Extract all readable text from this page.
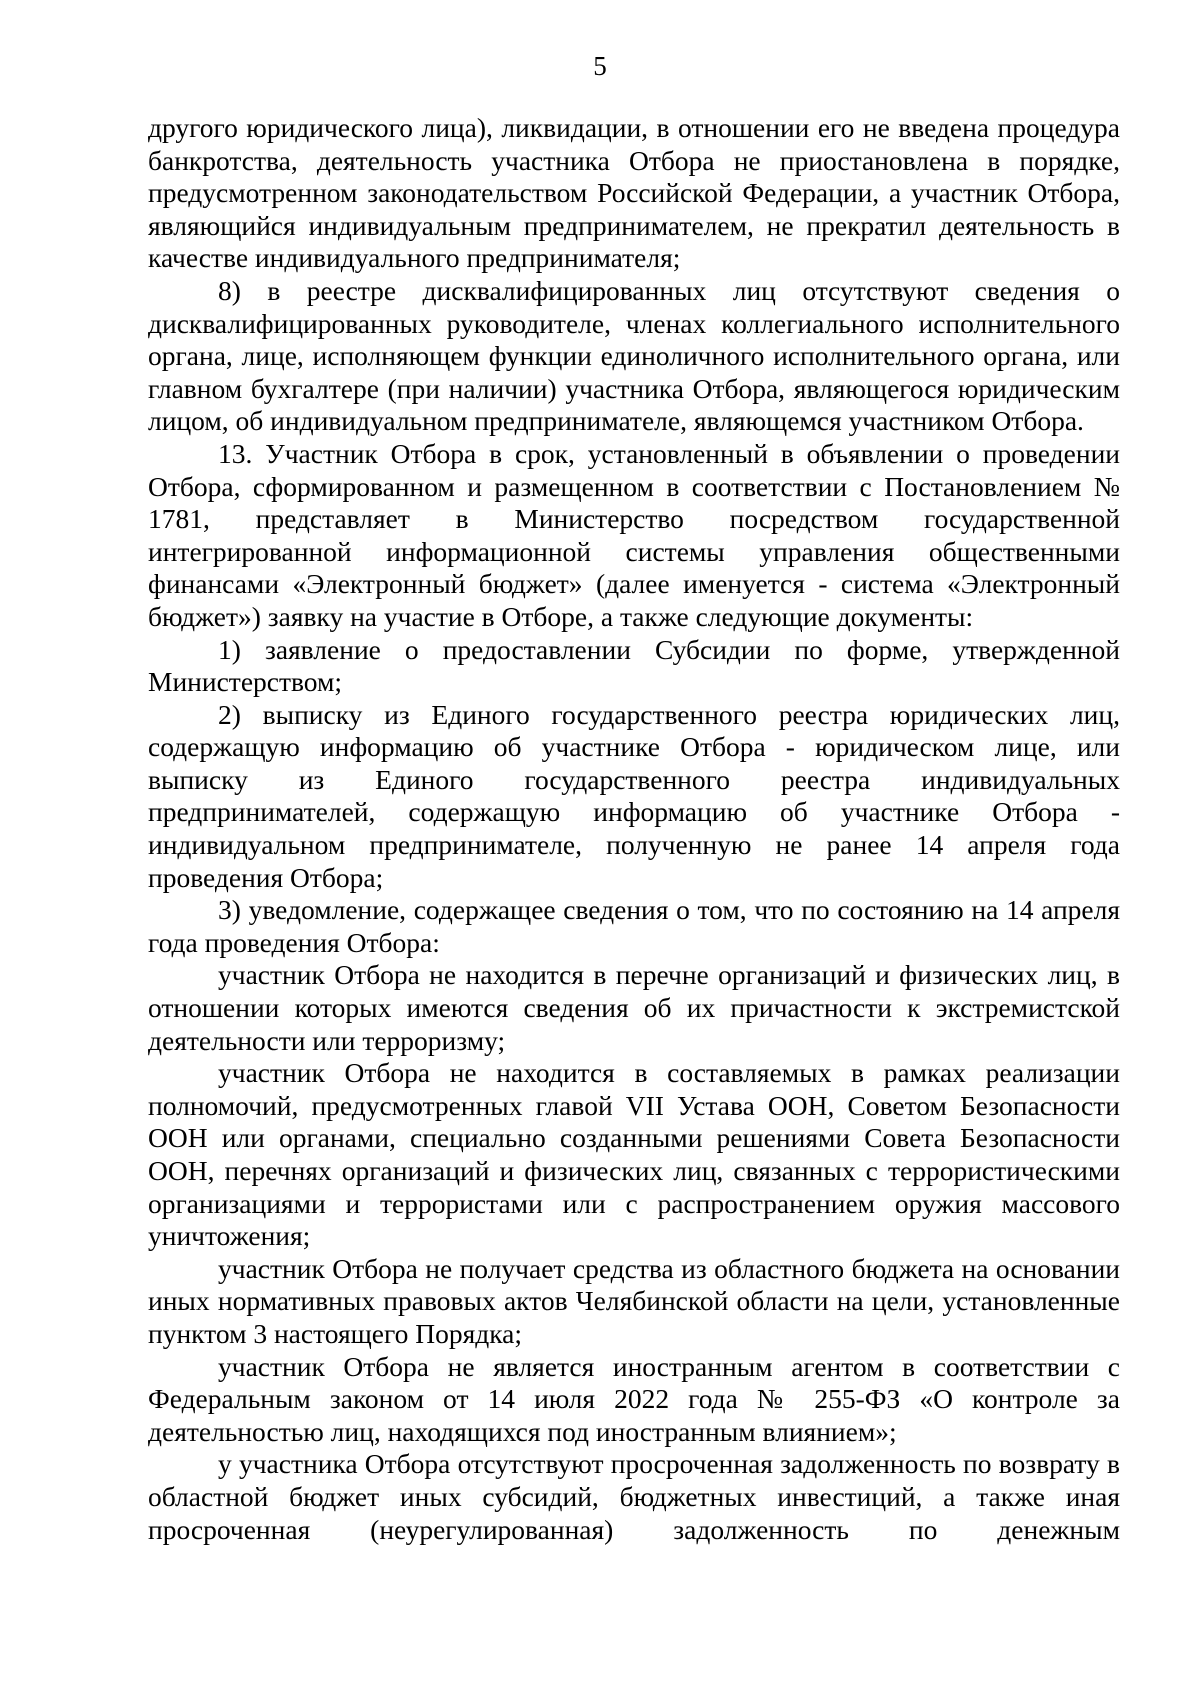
5

другого юридического лица), ликвидации, в отношении его не введена процедура банкротства, деятельность участника Отбора не приостановлена в порядке, предусмотренном законодательством Российской Федерации, а участник Отбора, являющийся индивидуальным предпринимателем, не прекратил деятельность в качестве индивидуального предпринимателя;

8) в реестре дисквалифицированных лиц отсутствуют сведения о дисквалифицированных руководителе, членах коллегиального исполнительного органа, лице, исполняющем функции единоличного исполнительного органа, или главном бухгалтере (при наличии) участника Отбора, являющегося юридическим лицом, об индивидуальном предпринимателе, являющемся участником Отбора.

13. Участник Отбора в срок, установленный в объявлении о проведении Отбора, сформированном и размещенном в соответствии с Постановлением № 1781, представляет в Министерство посредством государственной интегрированной информационной системы управления общественными финансами «Электронный бюджет» (далее именуется - система «Электронный бюджет») заявку на участие в Отборе, а также следующие документы:

1) заявление о предоставлении Субсидии по форме, утвержденной Министерством;

2) выписку из Единого государственного реестра юридических лиц, содержащую информацию об участнике Отбора - юридическом лице, или выписку из Единого государственного реестра индивидуальных предпринимателей, содержащую информацию об участнике Отбора - индивидуальном предпринимателе, полученную не ранее 14 апреля года проведения Отбора;

3) уведомление, содержащее сведения о том, что по состоянию на 14 апреля года проведения Отбора:

участник Отбора не находится в перечне организаций и физических лиц, в отношении которых имеются сведения об их причастности к экстремистской деятельности или терроризму;

участник Отбора не находится в составляемых в рамках реализации полномочий, предусмотренных главой VII Устава ООН, Советом Безопасности ООН или органами, специально созданными решениями Совета Безопасности ООН, перечнях организаций и физических лиц, связанных с террористическими организациями и террористами или с распространением оружия массового уничтожения;

участник Отбора не получает средства из областного бюджета на основании иных нормативных правовых актов Челябинской области на цели, установленные пунктом 3 настоящего Порядка;

участник Отбора не является иностранным агентом в соответствии с Федеральным законом от 14 июля 2022 года № 255-ФЗ «О контроле за деятельностью лиц, находящихся под иностранным влиянием»;

у участника Отбора отсутствуют просроченная задолженность по возврату в областной бюджет иных субсидий, бюджетных инвестиций, а также иная просроченная (неурегулированная) задолженность по денежным
